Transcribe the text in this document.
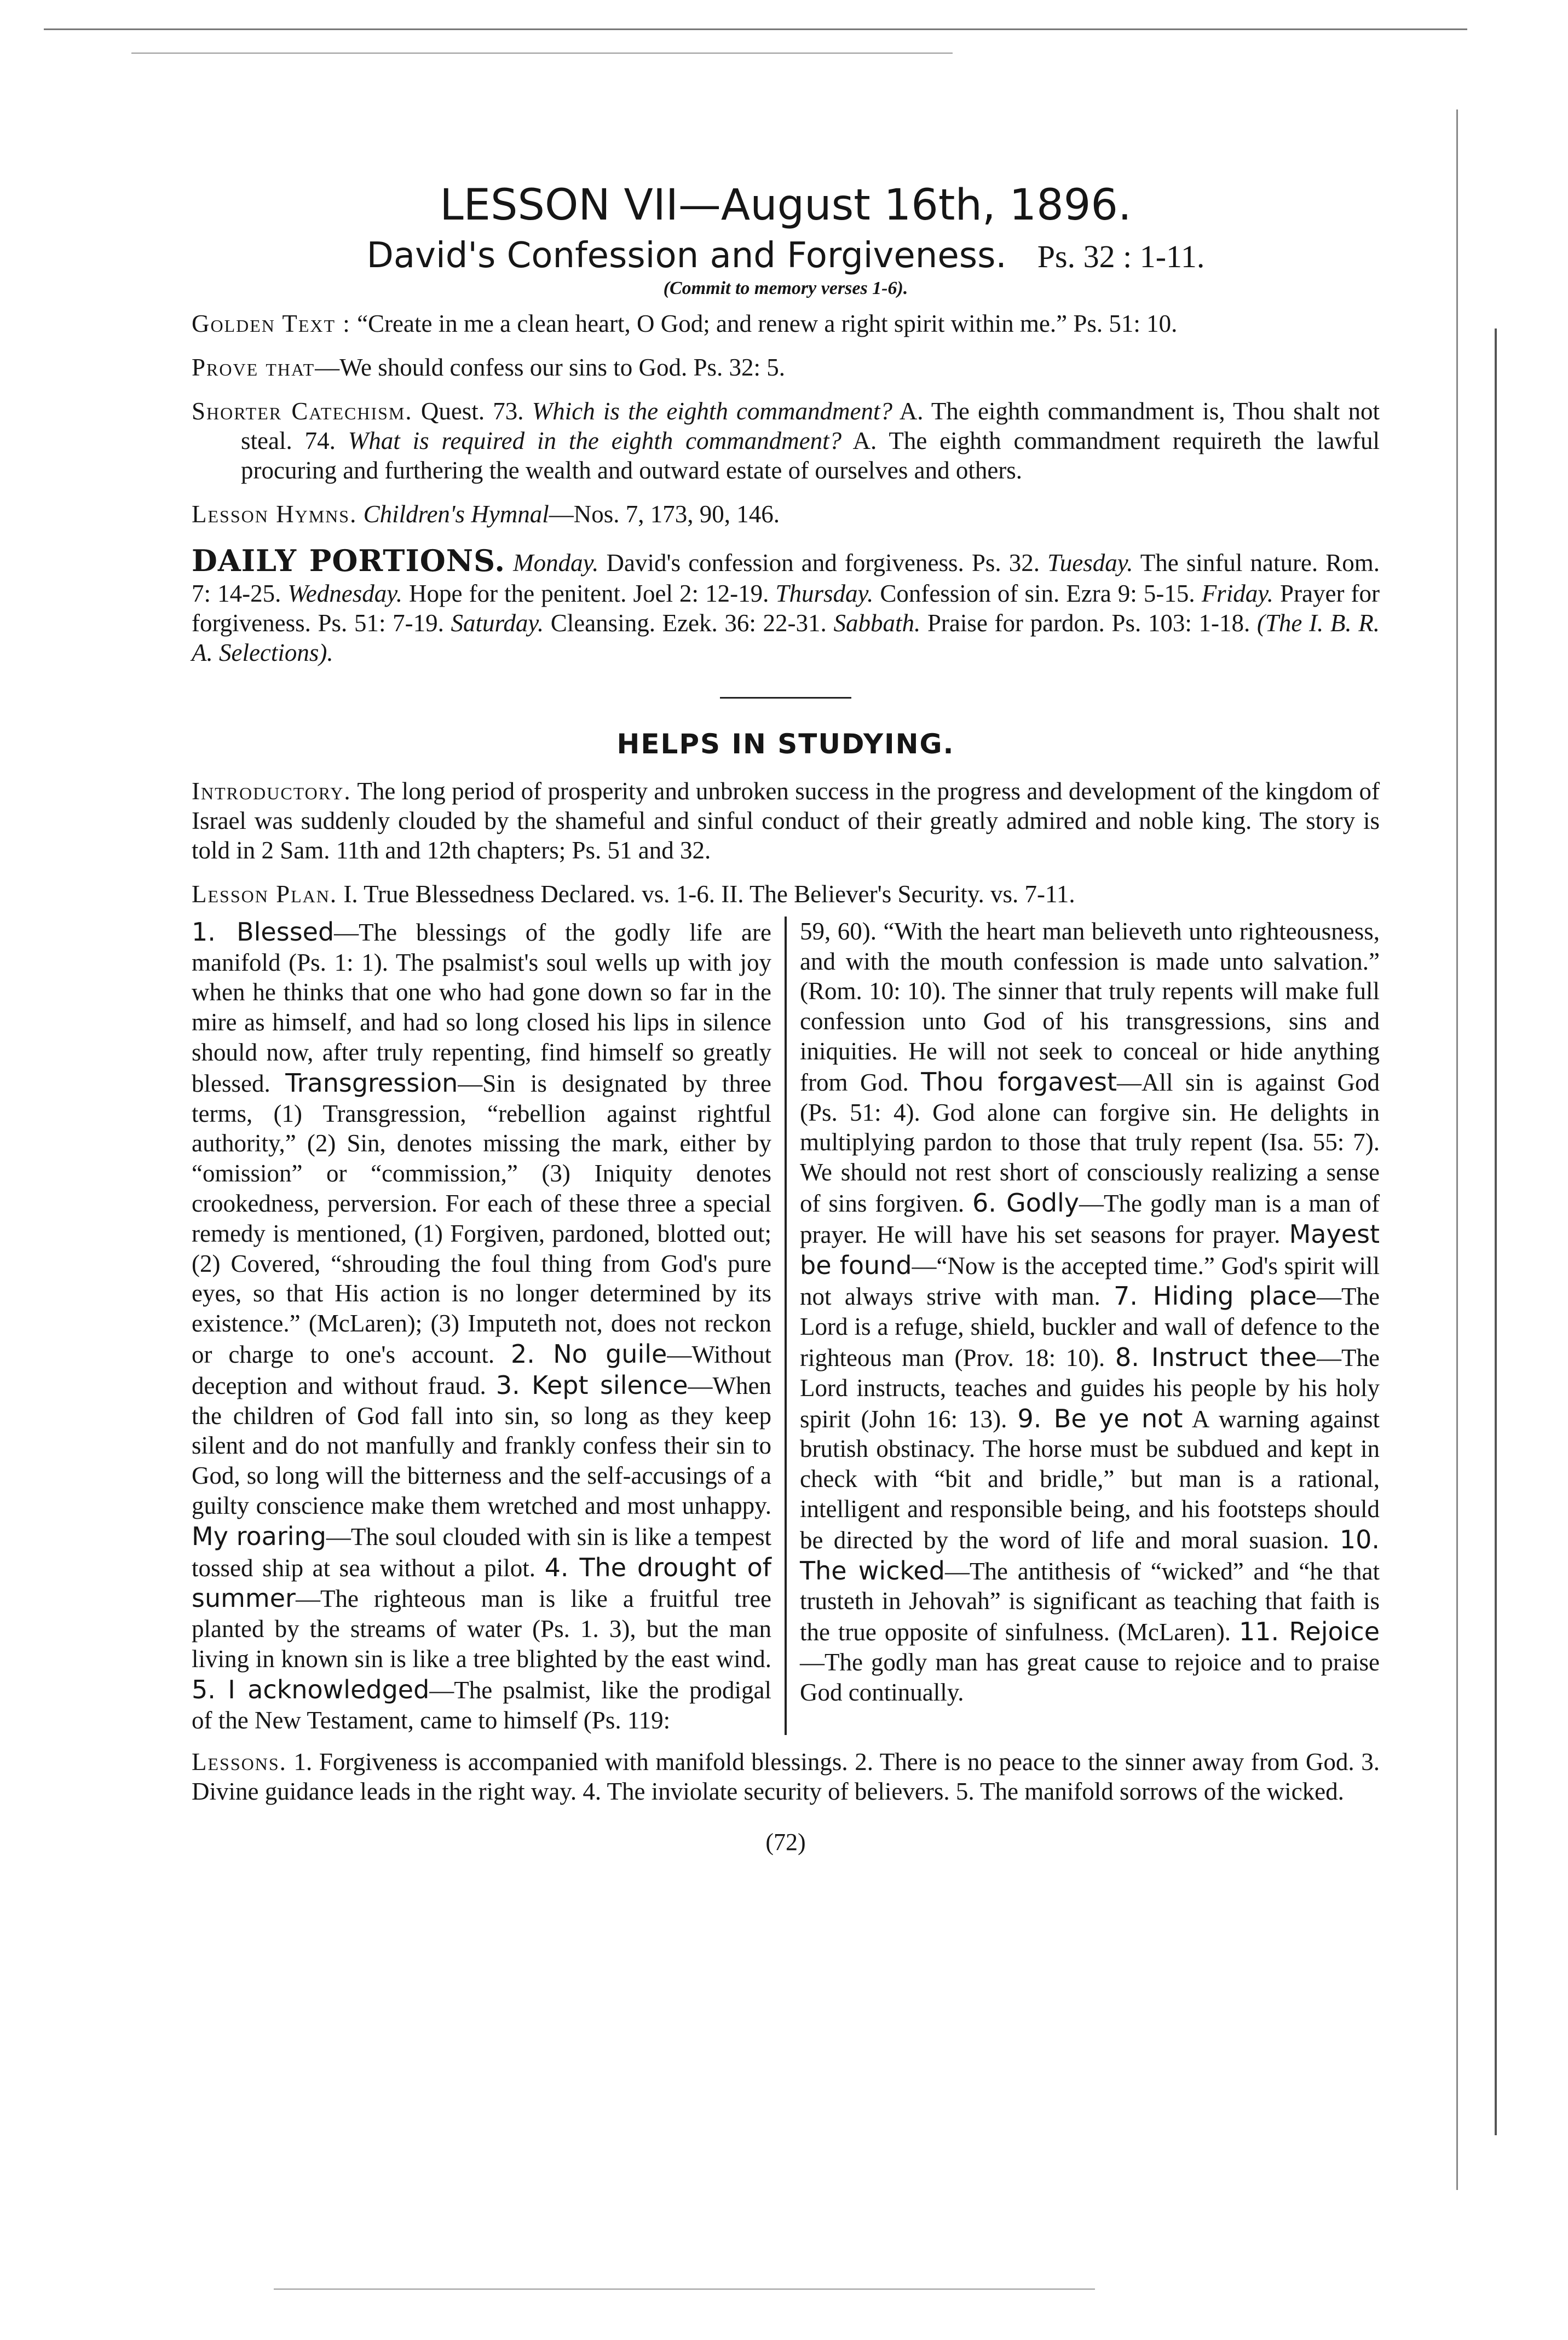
LESSON VII—August 16th, 1896.
David's Confession and Forgiveness. Ps. 32 : 1-11.
(Commit to memory verses 1-6).

Golden Text : “Create in me a clean heart, O God; and renew a right spirit within me.” Ps. 51: 10.

Prove that—We should confess our sins to God. Ps. 32: 5.

Shorter Catechism. Quest. 73. Which is the eighth commandment? A. The eighth commandment is, Thou shalt not steal. 74. What is required in the eighth commandment? A. The eighth commandment requireth the lawful procuring and furthering the wealth and outward estate of ourselves and others.

Lesson Hymns. Children's Hymnal—Nos. 7, 173, 90, 146.

DAILY PORTIONS. Monday. David's confession and forgiveness. Ps. 32. Tuesday. The sinful nature. Rom. 7: 14-25. Wednesday. Hope for the penitent. Joel 2: 12-19. Thursday. Confession of sin. Ezra 9: 5-15. Friday. Prayer for forgiveness. Ps. 51: 7-19. Saturday. Cleansing. Ezek. 36: 22-31. Sabbath. Praise for pardon. Ps. 103: 1-18. (The I. B. R. A. Selections).

HELPS IN STUDYING.

Introductory. The long period of prosperity and unbroken success in the progress and development of the kingdom of Israel was suddenly clouded by the shameful and sinful conduct of their greatly admired and noble king. The story is told in 2 Sam. 11th and 12th chapters; Ps. 51 and 32.

Lesson Plan. I. True Blessedness Declared. vs. 1-6. II. The Believer's Security. vs. 7-11.

1. Blessed—The blessings of the godly life are manifold (Ps. 1: 1). The psalmist's soul wells up with joy when he thinks that one who had gone down so far in the mire as himself, and had so long closed his lips in silence should now, after truly repenting, find himself so greatly blessed. Transgression—Sin is designated by three terms, (1) Transgression, “rebellion against rightful authority,” (2) Sin, denotes missing the mark, either by “omission” or “commission,” (3) Iniquity denotes crookedness, perversion. For each of these three a special remedy is mentioned, (1) Forgiven, pardoned, blotted out; (2) Covered, “shrouding the foul thing from God's pure eyes, so that His action is no longer determined by its existence.” (McLaren); (3) Imputeth not, does not reckon or charge to one's account. 2. No guile—Without deception and without fraud. 3. Kept silence—When the children of God fall into sin, so long as they keep silent and do not manfully and frankly confess their sin to God, so long will the bitterness and the self-accusings of a guilty conscience make them wretched and most unhappy. My roaring—The soul clouded with sin is like a tempest tossed ship at sea without a pilot. 4. The drought of summer—The righteous man is like a fruitful tree planted by the streams of water (Ps. 1. 3), but the man living in known sin is like a tree blighted by the east wind. 5. I acknowledged—The psalmist, like the prodigal of the New Testament, came to himself (Ps. 119:
59, 60). “With the heart man believeth unto righteousness, and with the mouth confession is made unto salvation.” (Rom. 10: 10). The sinner that truly repents will make full confession unto God of his transgressions, sins and iniquities. He will not seek to conceal or hide anything from God. Thou forgavest—All sin is against God (Ps. 51: 4). God alone can forgive sin. He delights in multiplying pardon to those that truly repent (Isa. 55: 7). We should not rest short of consciously realizing a sense of sins forgiven. 6. Godly—The godly man is a man of prayer. He will have his set seasons for prayer. Mayest be found—“Now is the accepted time.” God's spirit will not always strive with man. 7. Hiding place—The Lord is a refuge, shield, buckler and wall of defence to the righteous man (Prov. 18: 10). 8. Instruct thee—The Lord instructs, teaches and guides his people by his holy spirit (John 16: 13). 9. Be ye not A warning against brutish obstinacy. The horse must be subdued and kept in check with “bit and bridle,” but man is a rational, intelligent and responsible being, and his footsteps should be directed by the word of life and moral suasion. 10. The wicked—The antithesis of “wicked” and “he that trusteth in Jehovah” is significant as teaching that faith is the true opposite of sinfulness. (McLaren). 11. Rejoice—The godly man has great cause to rejoice and to praise God continually.

Lessons. 1. Forgiveness is accompanied with manifold blessings. 2. There is no peace to the sinner away from God. 3. Divine guidance leads in the right way. 4. The inviolate security of believers. 5. The manifold sorrows of the wicked.

(72)
